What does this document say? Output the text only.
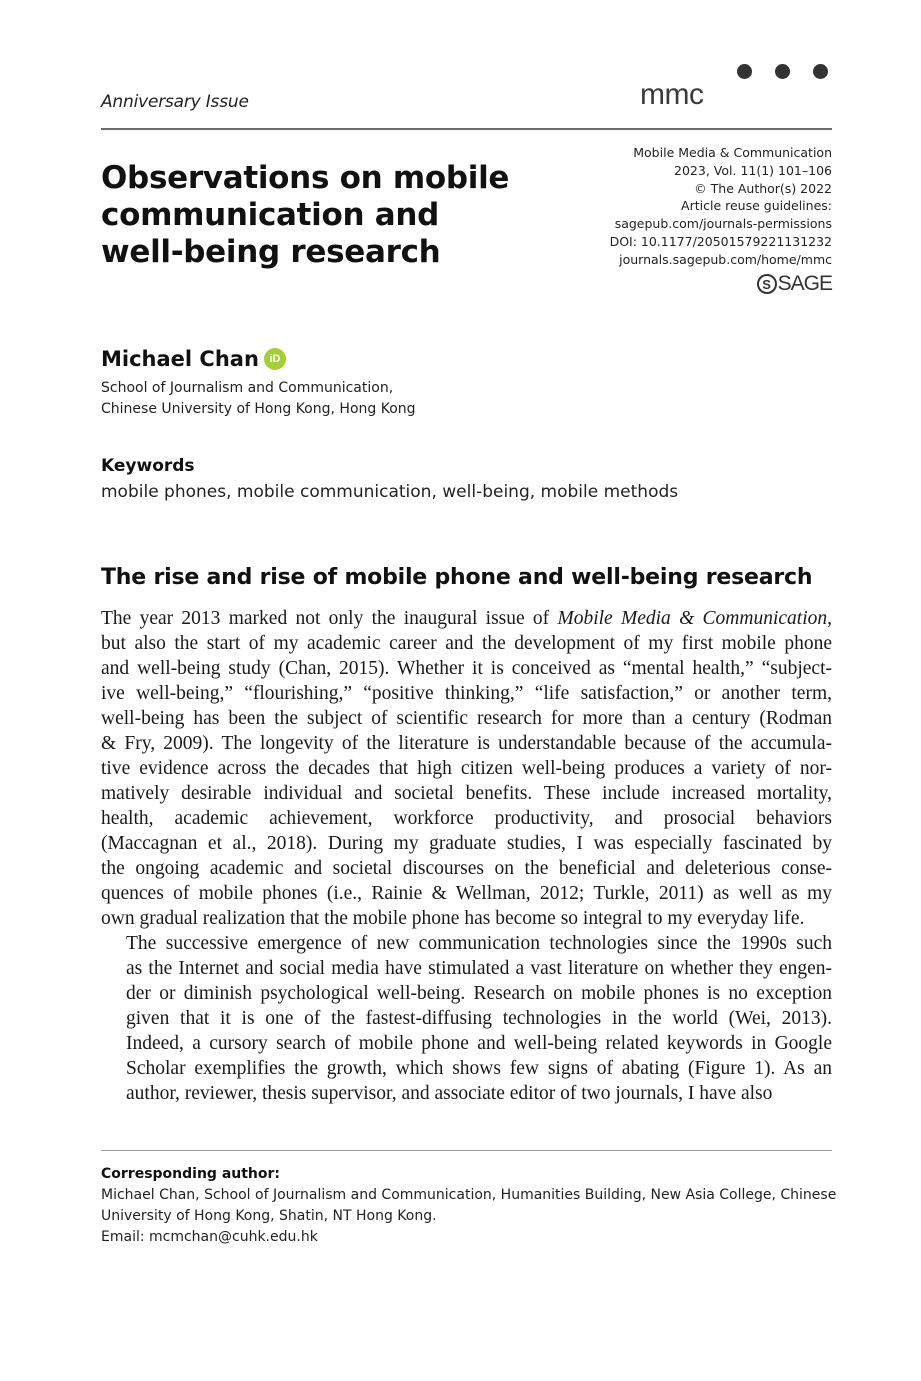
Anniversary Issue	mmc
Observations on mobile
communication and
well-being research
Mobile Media & Communication
2023, Vol. 11(1) 101–106
© The Author(s) 2022
Article reuse guidelines:
sagepub.com/journals-permissions
DOI: 10.1177/20501579221131232
journals.sagepub.com/home/mmc
S SAGE
Michael Chan iD
School of Journalism and Communication,
Chinese University of Hong Kong, Hong Kong
Keywords
mobile phones, mobile communication, well-being, mobile methods
The rise and rise of mobile phone and well-being research

The year 2013 marked not only the inaugural issue of Mobile Media & Communication,
but also the start of my academic career and the development of my first mobile phone
and well-being study (Chan, 2015). Whether it is conceived as “mental health,” “subject-
ive well-being,” “flourishing,” “positive thinking,” “life satisfaction,” or another term,
well-being has been the subject of scientific research for more than a century (Rodman
& Fry, 2009). The longevity of the literature is understandable because of the accumula-
tive evidence across the decades that high citizen well-being produces a variety of nor-
matively desirable individual and societal benefits. These include increased mortality,
health, academic achievement, workforce productivity, and prosocial behaviors
(Maccagnan et al., 2018). During my graduate studies, I was especially fascinated by
the ongoing academic and societal discourses on the beneficial and deleterious conse-
quences of mobile phones (i.e., Rainie & Wellman, 2012; Turkle, 2011) as well as my
own gradual realization that the mobile phone has become so integral to my everyday life.

The successive emergence of new communication technologies since the 1990s such
as the Internet and social media have stimulated a vast literature on whether they engen-
der or diminish psychological well-being. Research on mobile phones is no exception
given that it is one of the fastest-diffusing technologies in the world (Wei, 2013).
Indeed, a cursory search of mobile phone and well-being related keywords in Google
Scholar exemplifies the growth, which shows few signs of abating (Figure 1). As an
author, reviewer, thesis supervisor, and associate editor of two journals, I have also

Corresponding author:
Michael Chan, School of Journalism and Communication, Humanities Building, New Asia College, Chinese
University of Hong Kong, Shatin, NT Hong Kong.
Email: mcmchan@cuhk.edu.hk
